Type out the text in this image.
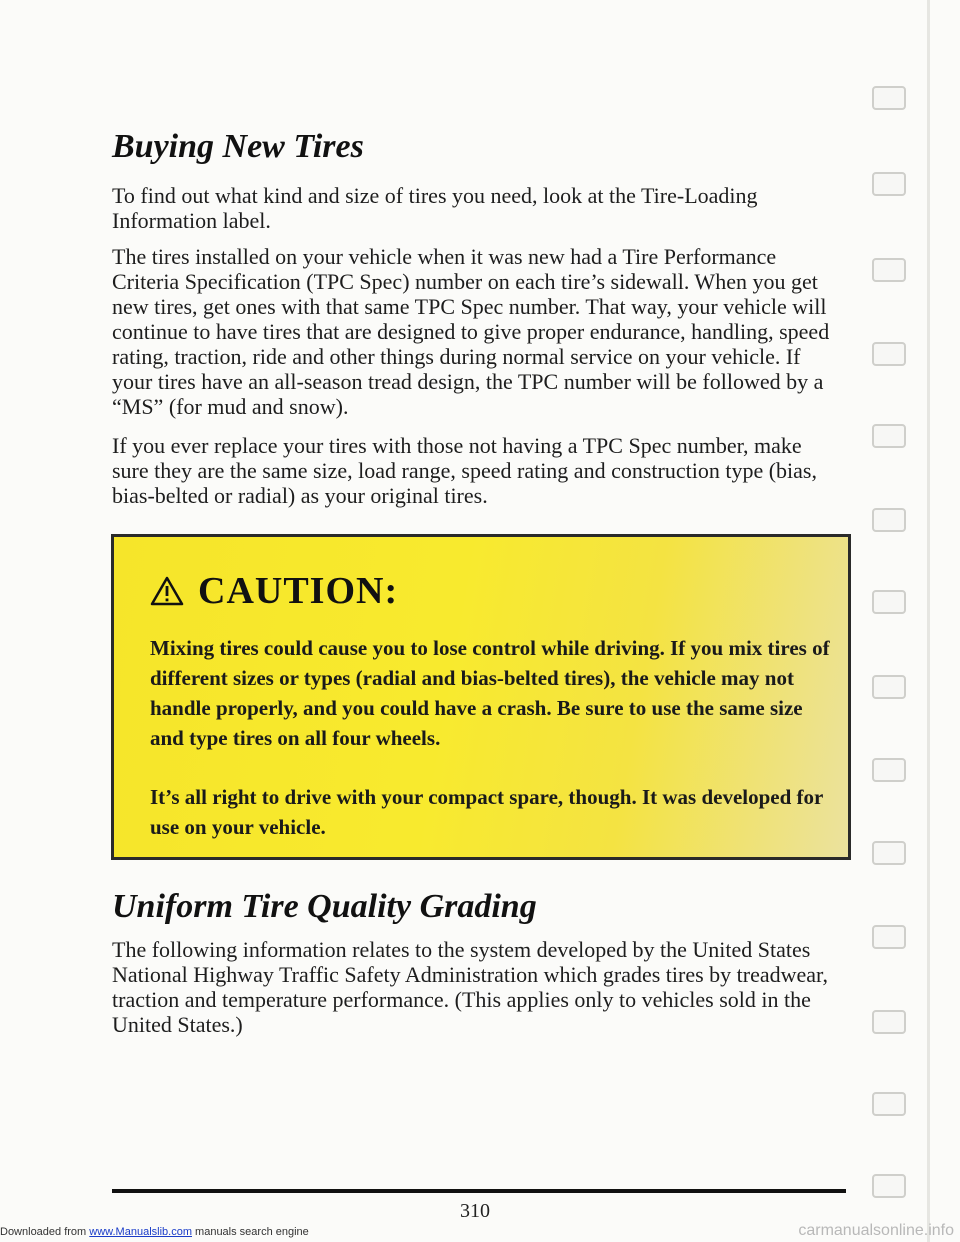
Buying New Tires

To find out what kind and size of tires you need, look at the Tire-Loading Information label.

The tires installed on your vehicle when it was new had a Tire Performance Criteria Specification (TPC Spec) number on each tire’s sidewall. When you get new tires, get ones with that same TPC Spec number. That way, your vehicle will continue to have tires that are designed to give proper endurance, handling, speed rating, traction, ride and other things during normal service on your vehicle. If your tires have an all-season tread design, the TPC number will be followed by a “MS” (for mud and snow).

If you ever replace your tires with those not having a TPC Spec number, make sure they are the same size, load range, speed rating and construction type (bias, bias-belted or radial) as your original tires.

CAUTION:

Mixing tires could cause you to lose control while driving. If you mix tires of different sizes or types (radial and bias-belted tires), the vehicle may not handle properly, and you could have a crash. Be sure to use the same size and type tires on all four wheels.

It’s all right to drive with your compact spare, though. It was developed for use on your vehicle.

Uniform Tire Quality Grading

The following information relates to the system developed by the United States National Highway Traffic Safety Administration which grades tires by treadwear, traction and temperature performance. (This applies only to vehicles sold in the United States.)

310
Downloaded from www.Manualslib.com manuals search engine	carmanualsonline.info
